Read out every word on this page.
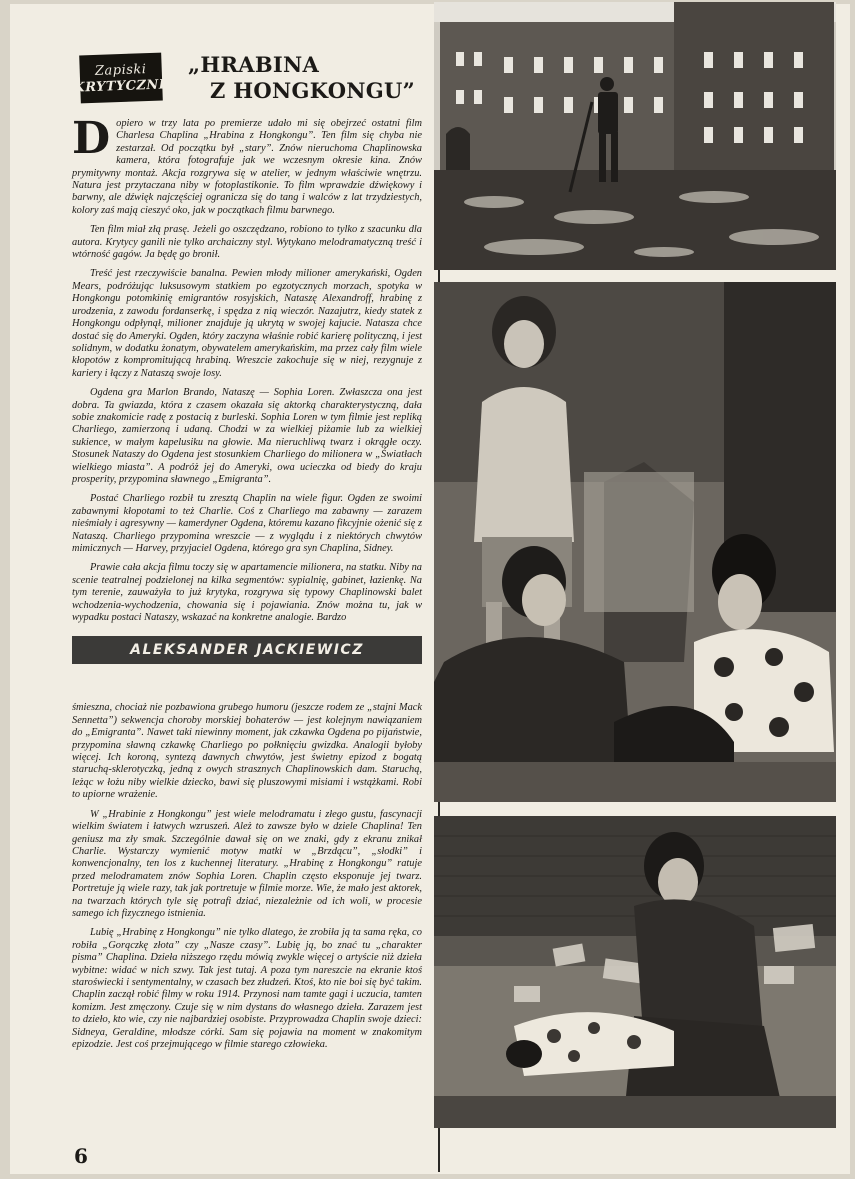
Zapiski
KRYTYCZNE
„HRABINA
Z HONGKONGU”

Dopiero w trzy lata po premierze udało mi się obejrzeć ostatni film Charlesa Chaplina „Hrabina z Hongkongu”. Ten film się chyba nie zestarzał. Od początku był „stary”. Znów nieruchoma Chaplinowska kamera, która fotografuje jak we wczesnym okresie kina. Znów prymitywny montaż. Akcja rozgrywa się w atelier, w jednym właściwie wnętrzu. Natura jest przytaczana niby w fotoplastikonie. To film wprawdzie dźwiękowy i barwny, ale dźwięk najczęściej ogranicza się do tang i walców z lat trzydziestych, kolory zaś mają cieszyć oko, jak w początkach filmu barwnego.

Ten film miał złą prasę. Jeżeli go oszczędzano, robiono to tylko z szacunku dla autora. Krytycy ganili nie tylko archaiczny styl. Wytykano melodramatyczną treść i wtórność gagów. Ja będę go bronił.

Treść jest rzeczywiście banalna. Pewien młody milioner amerykański, Ogden Mears, podróżując luksusowym statkiem po egzotycznych morzach, spotyka w Hongkongu potomkinię emigrantów rosyjskich, Nataszę Alexandroff, hrabinę z urodzenia, z zawodu fordanserkę, i spędza z nią wieczór. Nazajutrz, kiedy statek z Hongkongu odpłynął, milioner znajduje ją ukrytą w swojej kajucie. Natasza chce dostać się do Ameryki. Ogden, który zaczyna właśnie robić karierę polityczną, i jest solidnym, w dodatku żonatym, obywatelem amerykańskim, ma przez cały film wiele kłopotów z kompromitującą hrabiną. Wreszcie zakochuje się w niej, rezygnuje z kariery i łączy z Nataszą swoje losy.

Ogdena gra Marlon Brando, Nataszę — Sophia Loren. Zwłaszcza ona jest dobra. Ta gwiazda, która z czasem okazała się aktorką charakterystyczną, dała sobie znakomicie radę z postacią z burleski. Sophia Loren w tym filmie jest repliką Charliego, zamierzoną i udaną. Chodzi w za wielkiej piżamie lub za wielkiej sukience, w małym kapelusiku na głowie. Ma nieruchliwą twarz i okrągłe oczy. Stosunek Nataszy do Ogdena jest stosunkiem Charliego do milionera w „Światłach wielkiego miasta”. A podróż jej do Ameryki, owa ucieczka od biedy do kraju prosperity, przypomina sławnego „Emigranta”.

Postać Charliego rozbił tu zresztą Chaplin na wiele figur. Ogden ze swoimi zabawnymi kłopotami to też Charlie. Coś z Charliego ma zabawny — zarazem nieśmiały i agresywny — kamerdyner Ogdena, któremu kazano fikcyjnie ożenić się z Nataszą. Charliego przypomina wreszcie — z wyglądu i z niektórych chwytów mimicznych — Harvey, przyjaciel Ogdena, którego gra syn Chaplina, Sidney.

Prawie cała akcja filmu toczy się w apartamencie milionera, na statku. Niby na scenie teatralnej podzielonej na kilka segmentów: sypialnię, gabinet, łazienkę. Na tym terenie, zauważyła to już krytyka, rozgrywa się typowy Chaplinowski balet wchodzenia-wychodzenia, chowania się i pojawiania. Znów można tu, jak w wypadku postaci Nataszy, wskazać na konkretne analogie. Bardzo

ALEKSANDER JACKIEWICZ

śmieszna, chociaż nie pozbawiona grubego humoru (jeszcze rodem ze „stajni Mack Sennetta”) sekwencja choroby morskiej bohaterów — jest kolejnym nawiązaniem do „Emigranta”. Nawet taki niewinny moment, jak czkawka Ogdena po pijaństwie, przypomina sławną czkawkę Charliego po połknięciu gwizdka. Analogii byłoby więcej. Ich koroną, syntezą dawnych chwytów, jest świetny epizod z bogatą staruchą-sklerotyczką, jedną z owych strasznych Chaplinowskich dam. Staruchą, leżąc w łożu niby wielkie dziecko, bawi się pluszowymi misiami i wstążkami. Robi to upiorne wrażenie.

W „Hrabinie z Hongkongu” jest wiele melodramatu i złego gustu, fascynacji wielkim światem i łatwych wzruszeń. Ależ to zawsze było w dziele Chaplina! Ten geniusz ma zły smak. Szczególnie dawał się on we znaki, gdy z ekranu znikał Charlie. Wystarczy wymienić motyw matki w „Brzdącu”, „słodki” i konwencjonalny, ten los z kuchennej literatury. „Hrabinę z Hongkongu” ratuje przed melodramatem znów Sophia Loren. Chaplin często eksponuje jej twarz. Portretuje ją wiele razy, tak jak portretuje w filmie morze. Wie, że mało jest aktorek, na twarzach których tyle się potrafi dziać, niezależnie od ich woli, w procesie samego ich fizycznego istnienia.

Lubię „Hrabinę z Hongkongu” nie tylko dlatego, że zrobiła ją ta sama ręka, co robiła „Gorączkę złota” czy „Nasze czasy”. Lubię ją, bo znać tu „charakter pisma” Chaplina. Dzieła niższego rzędu mówią zwykle więcej o artyście niż dzieła wybitne: widać w nich szwy. Tak jest tutaj. A poza tym nareszcie na ekranie ktoś staroświecki i sentymentalny, w czasach bez złudzeń. Ktoś, kto nie boi się być takim. Chaplin zaczął robić filmy w roku 1914. Przynosi nam tamte gagi i uczucia, tamten komizm. Jest zmęczony. Czuje się w nim dystans do własnego dzieła. Zarazem jest to dzieło, kto wie, czy nie najbardziej osobiste. Przyprowadza Chaplin swoje dzieci: Sidneya, Geraldine, młodsze córki. Sam się pojawia na moment w znakomitym epizodzie. Jest coś przejmującego w filmie starego człowieka.

6
